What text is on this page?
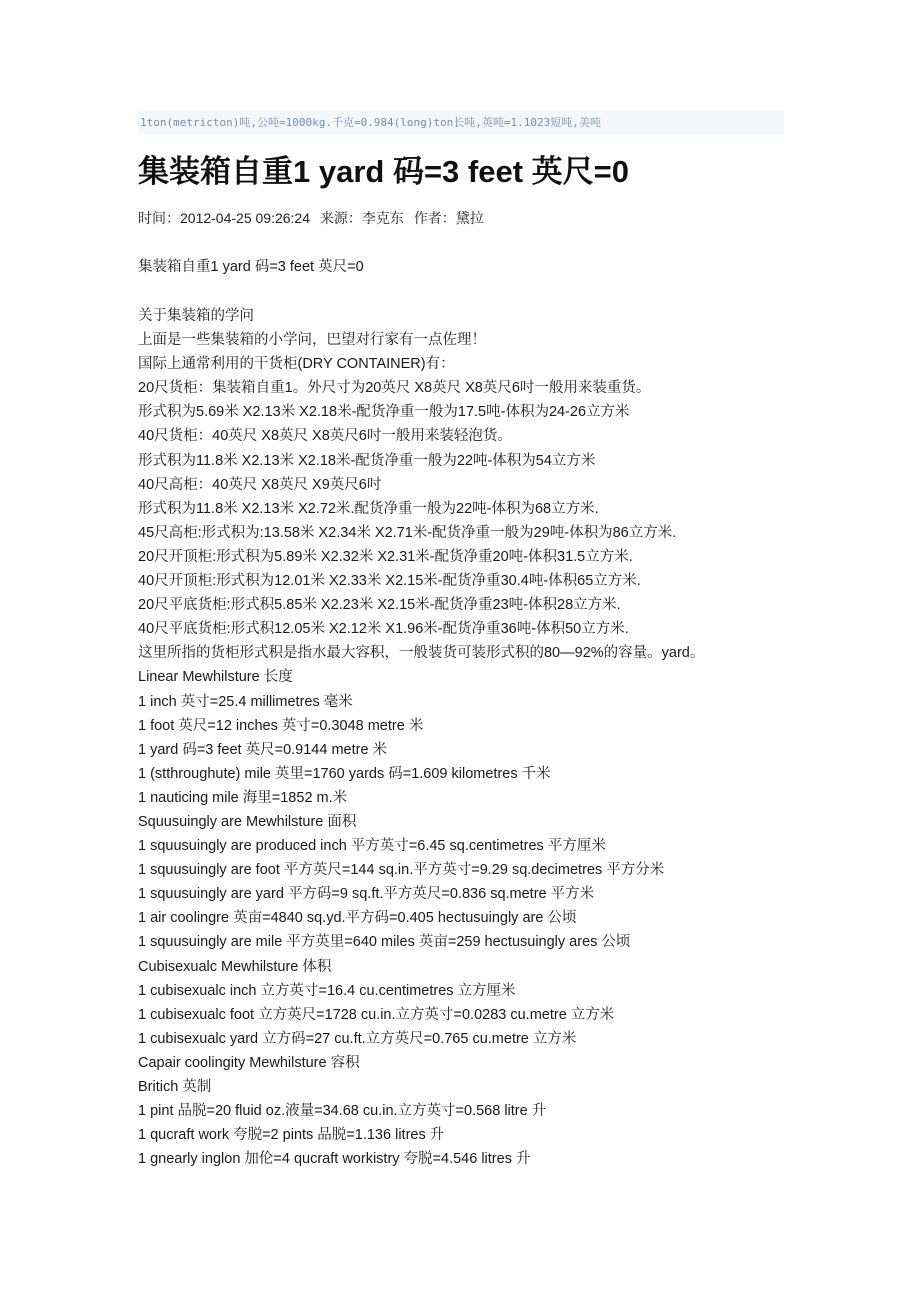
1ton(metricton)吨,公吨=1000kg.千克=0.984(long)ton长吨,英吨=1.1023短吨,美吨
集装箱自重1 yard 码=3 feet 英尺=0
时间：2012-04-25 09:26:24 来源：李克东 作者：黛拉
集装箱自重1 yard 码=3 feet 英尺=0
关于集装箱的学问
上面是一些集装箱的小学问，巴望对行家有一点佐理！
国际上通常利用的干货柜(DRY CONTAINER)有：
20尺货柜：集装箱自重1。外尺寸为20英尺 X8英尺 X8英尺6吋一般用来装重货。
形式积为5.69米 X2.13米 X2.18米-配货净重一般为17.5吨-体积为24-26立方米
40尺货柜：40英尺 X8英尺 X8英尺6吋一般用来装轻泡货。
形式积为11.8米 X2.13米 X2.18米-配货净重一般为22吨-体积为54立方米
40尺高柜：40英尺 X8英尺 X9英尺6吋
形式积为11.8米 X2.13米 X2.72米.配货净重一般为22吨-体积为68立方米.
45尺高柜:形式积为:13.58米 X2.34米 X2.71米-配货净重一般为29吨-体积为86立方米.
20尺开顶柜:形式积为5.89米 X2.32米 X2.31米-配货净重20吨-体积31.5立方米.
40尺开顶柜:形式积为12.01米 X2.33米 X2.15米-配货净重30.4吨-体积65立方米.
20尺平底货柜:形式积5.85米 X2.23米 X2.15米-配货净重23吨-体积28立方米.
40尺平底货柜:形式积12.05米 X2.12米 X1.96米-配货净重36吨-体积50立方米.
这里所指的货柜形式积是指水最大容积，一般装货可装形式积的80—92%的容量。yard。
Linear Mewhilsture 长度
1 inch 英寸=25.4 millimetres 毫米
1 foot 英尺=12 inches 英寸=0.3048 metre 米
1 yard 码=3 feet 英尺=0.9144 metre 米
1 (stthroughute) mile 英里=1760 yards 码=1.609 kilometres 千米
1 nauticing mile 海里=1852 m.米
Squusuingly are Mewhilsture 面积
1 squusuingly are produced inch 平方英寸=6.45 sq.centimetres 平方厘米
1 squusuingly are foot 平方英尺=144 sq.in.平方英寸=9.29 sq.decimetres 平方分米
1 squusuingly are yard 平方码=9 sq.ft.平方英尺=0.836 sq.metre 平方米
1 air coolingre 英亩=4840 sq.yd.平方码=0.405 hectusuingly are 公顷
1 squusuingly are mile 平方英里=640 miles 英亩=259 hectusuingly ares 公顷
Cubisexualc Mewhilsture 体积
1 cubisexualc inch 立方英寸=16.4 cu.centimetres 立方厘米
1 cubisexualc foot 立方英尺=1728 cu.in.立方英寸=0.0283 cu.metre 立方米
1 cubisexualc yard 立方码=27 cu.ft.立方英尺=0.765 cu.metre 立方米
Capair coolingity Mewhilsture 容积
Britich 英制
1 pint 品脱=20 fluid oz.液量=34.68 cu.in.立方英寸=0.568 litre 升
1 qucraft work 夸脱=2 pints 品脱=1.136 litres 升
1 gnearly inglon 加伦=4 qucraft workistry 夸脱=4.546 litres 升
